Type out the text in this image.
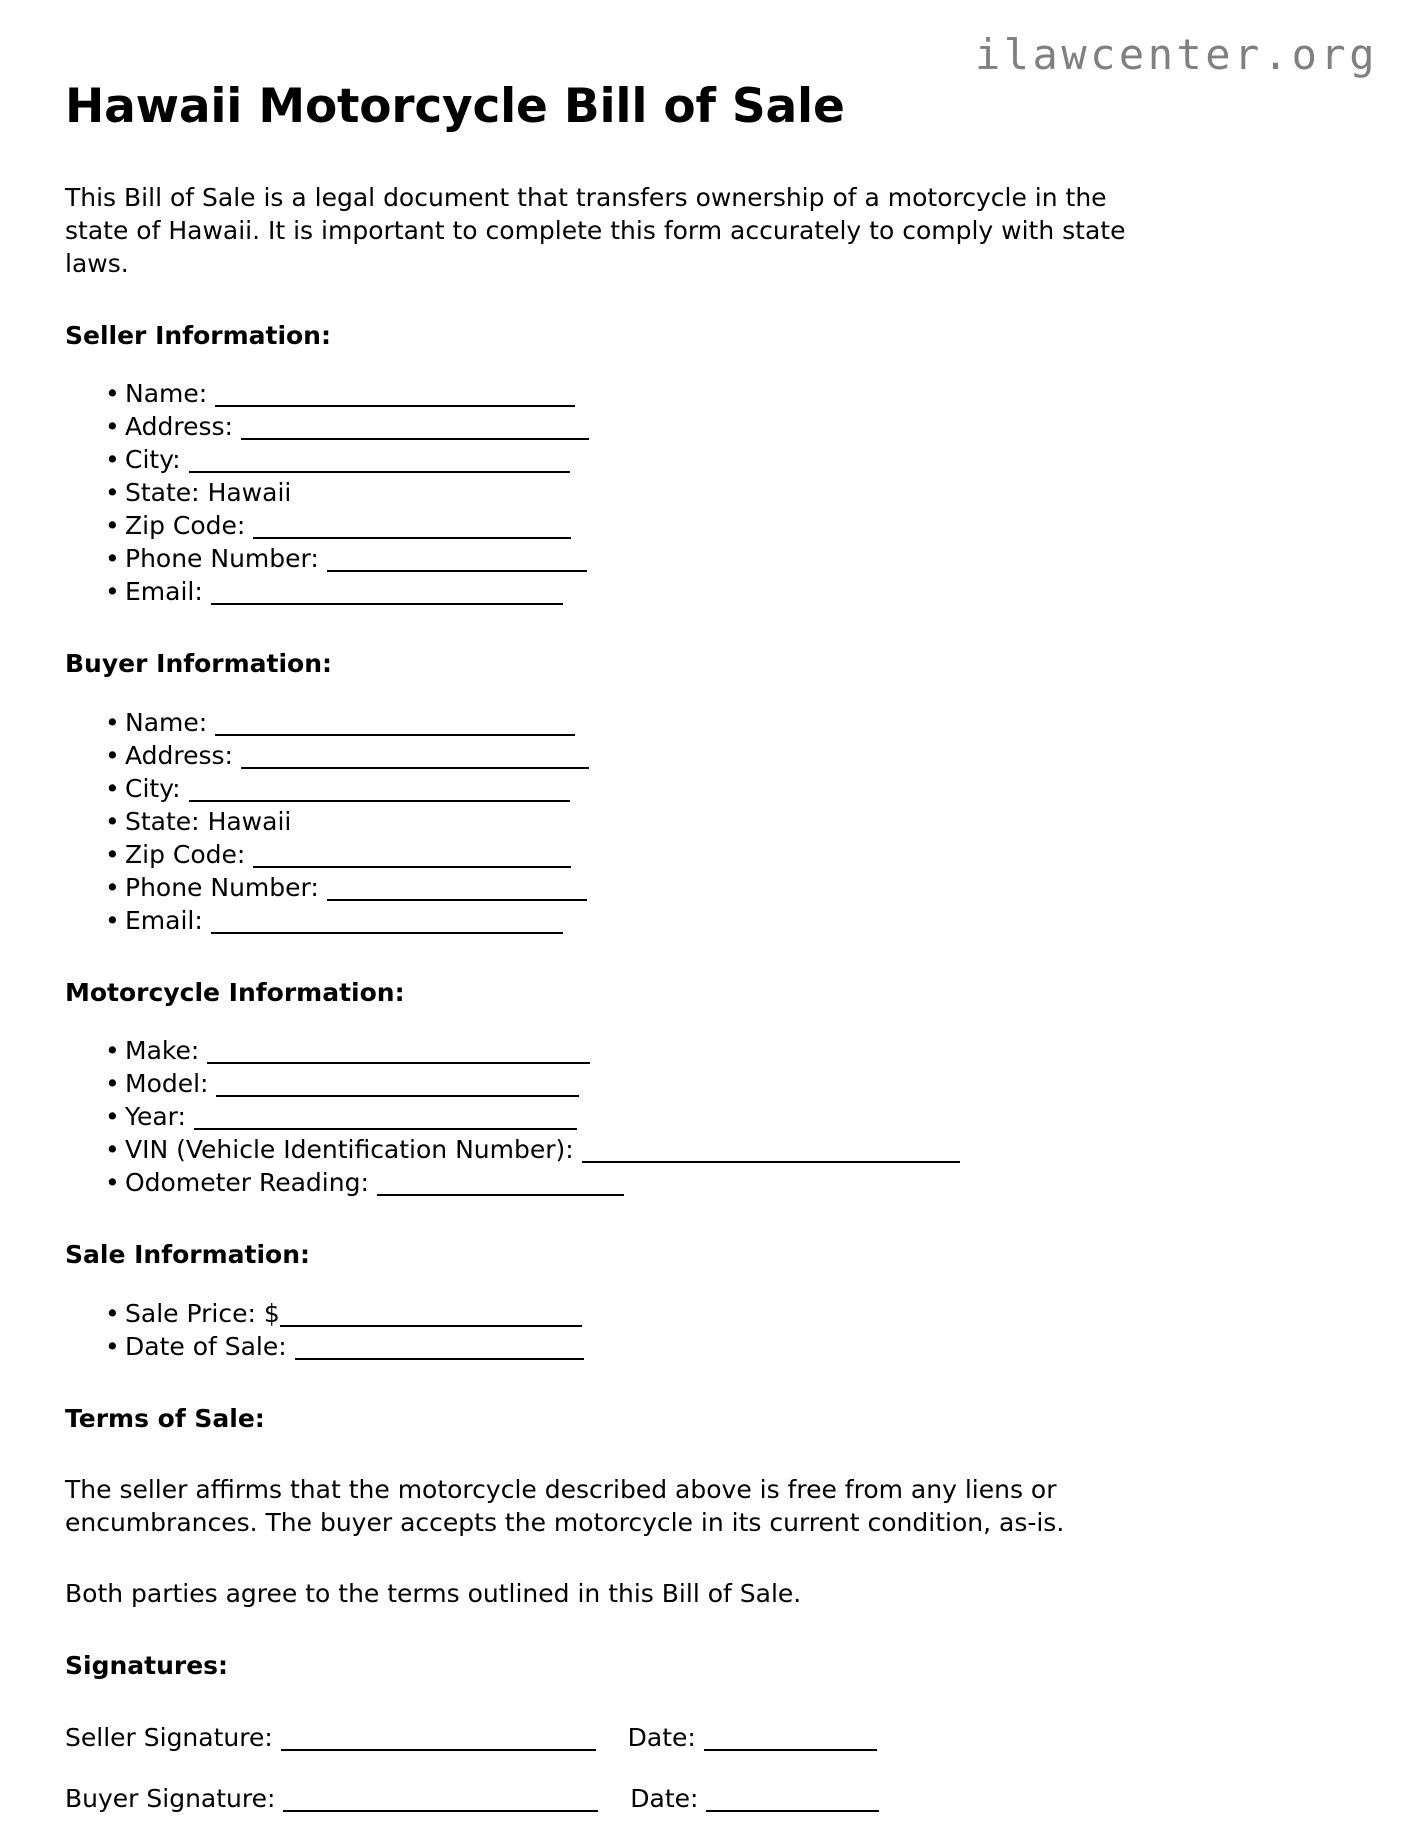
ilawcenter.org
Hawaii Motorcycle Bill of Sale

This Bill of Sale is a legal document that transfers ownership of a motorcycle in the state of Hawaii. It is important to complete this form accurately to comply with state laws.

Seller Information:
• Name:
• Address:
• City:
• State: Hawaii
• Zip Code:
• Phone Number:
• Email:
Buyer Information:
• Name:
• Address:
• City:
• State: Hawaii
• Zip Code:
• Phone Number:
• Email:
Motorcycle Information:
• Make:
• Model:
• Year:
• VIN (Vehicle Identification Number):
• Odometer Reading:
Sale Information:
• Sale Price: $
• Date of Sale:
Terms of Sale:

The seller affirms that the motorcycle described above is free from any liens or encumbrances. The buyer accepts the motorcycle in its current condition, as-is.

Both parties agree to the terms outlined in this Bill of Sale.

Signatures:
Seller Signature:	Date:
Buyer Signature:	Date:
